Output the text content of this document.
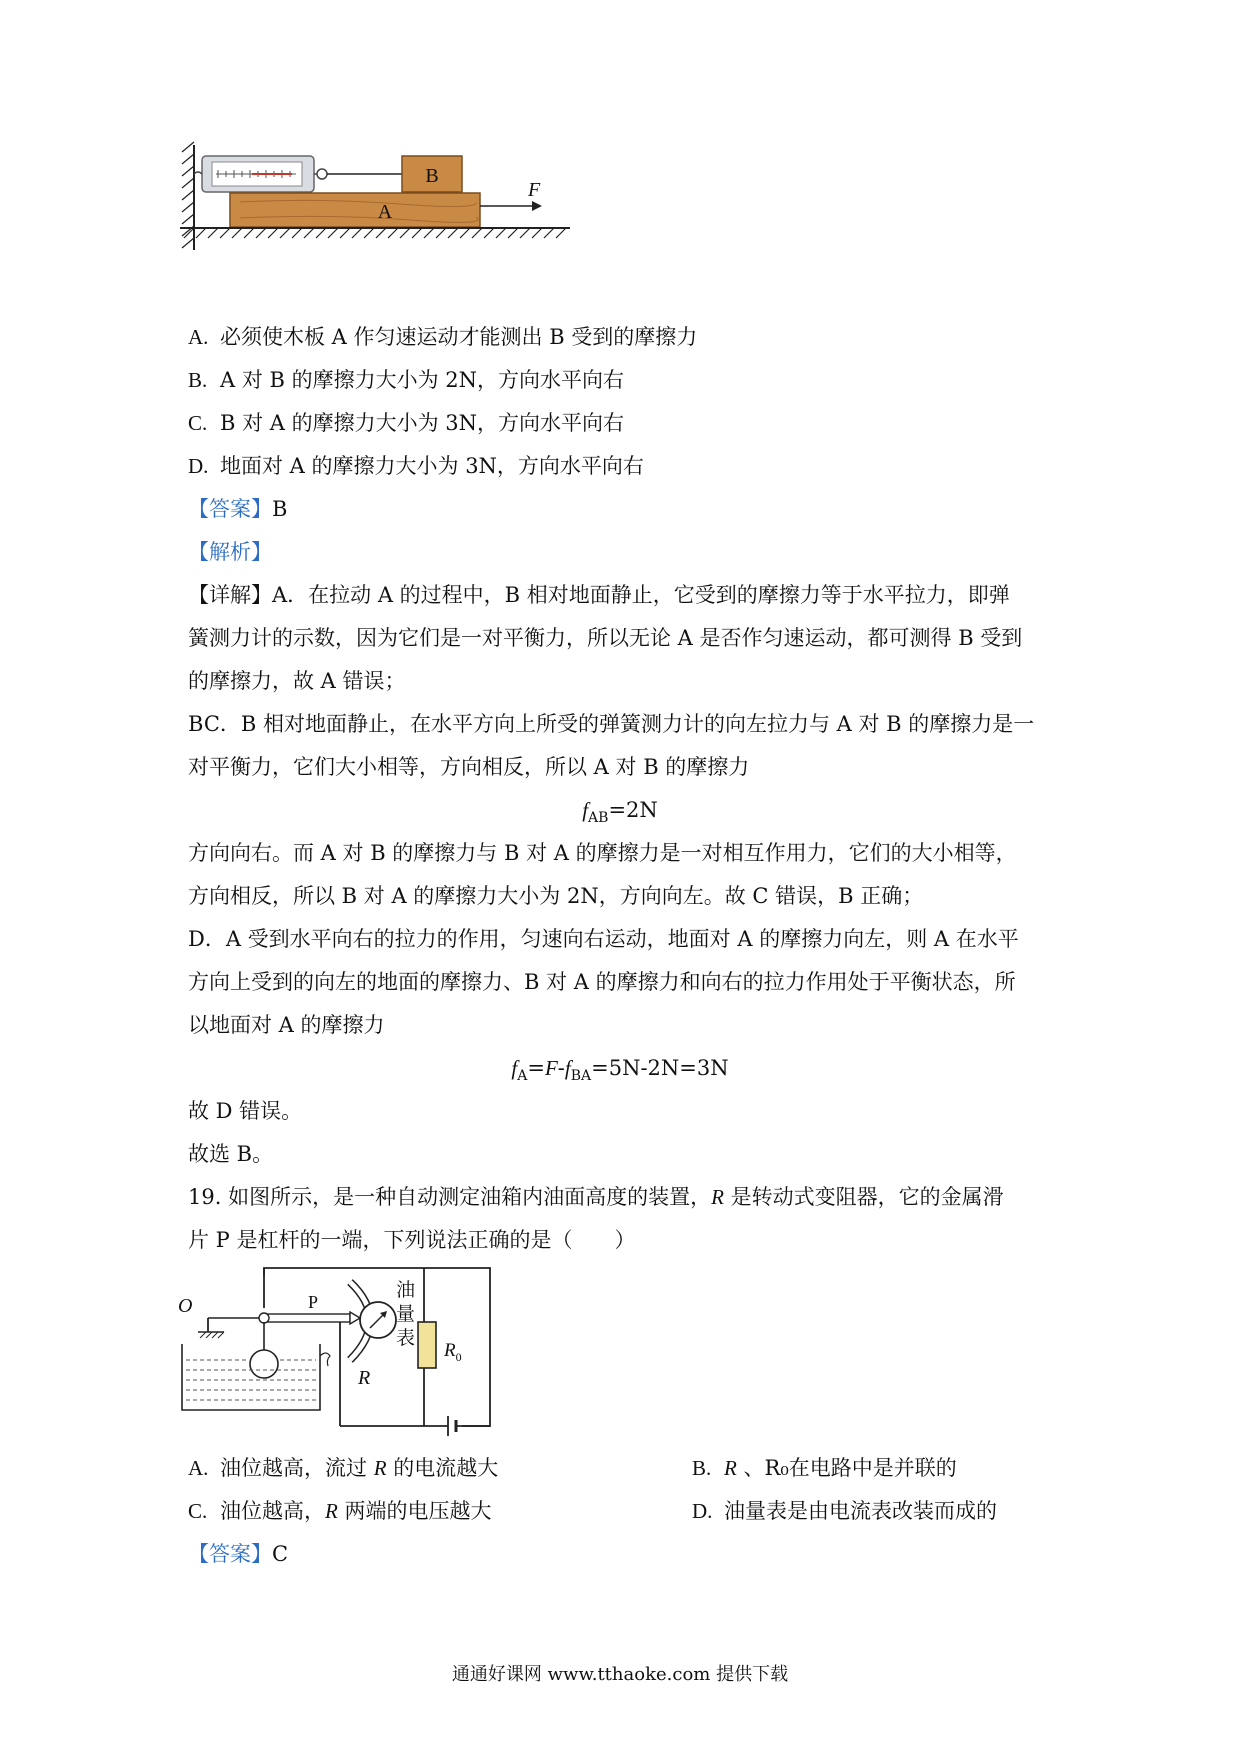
B
A
F
A. 必须使木板 A 作匀速运动才能测出 B 受到的摩擦力
B. A 对 B 的摩擦力大小为 2N，方向水平向右
C. B 对 A 的摩擦力大小为 3N，方向水平向右
D. 地面对 A 的摩擦力大小为 3N，方向水平向右
【答案】B
【解析】
【详解】A．在拉动 A 的过程中，B 相对地面静止，它受到的摩擦力等于水平拉力，即弹
簧测力计的示数，因为它们是一对平衡力，所以无论 A 是否作匀速运动，都可测得 B 受到
的摩擦力，故 A 错误；
BC．B 相对地面静止，在水平方向上所受的弹簧测力计的向左拉力与 A 对 B 的摩擦力是一
对平衡力，它们大小相等，方向相反，所以 A 对 B 的摩擦力
$f_{AB}=2N$
方向向右。而 A 对 B 的摩擦力与 B 对 A 的摩擦力是一对相互作用力，它们的大小相等，
方向相反，所以 B 对 A 的摩擦力大小为 2N，方向向左。故 C 错误，B 正确；
D．A 受到水平向右的拉力的作用，匀速向右运动，地面对 A 的摩擦力向左，则 A 在水平
方向上受到的向左的地面的摩擦力、B 对 A 的摩擦力和向右的拉力作用处于平衡状态，所
以地面对 A 的摩擦力
$f_A=F-f_{BA}=5N-2N=3N$
故 D 错误。
故选 B。
19. 如图所示，是一种自动测定油箱内油面高度的装置，R 是转动式变阻器，它的金属滑
片 P 是杠杆的一端，下列说法正确的是（　　）
R
油
量
表
$R_0$
O	P
A. 油位越高，流过 R 的电流越大	B. R 、R₀在电路中是并联的
C. 油位越高，R 两端的电压越大	D. 油量表是由电流表改装而成的
【答案】C
通通好课网 www.tthaoke.com 提供下载
